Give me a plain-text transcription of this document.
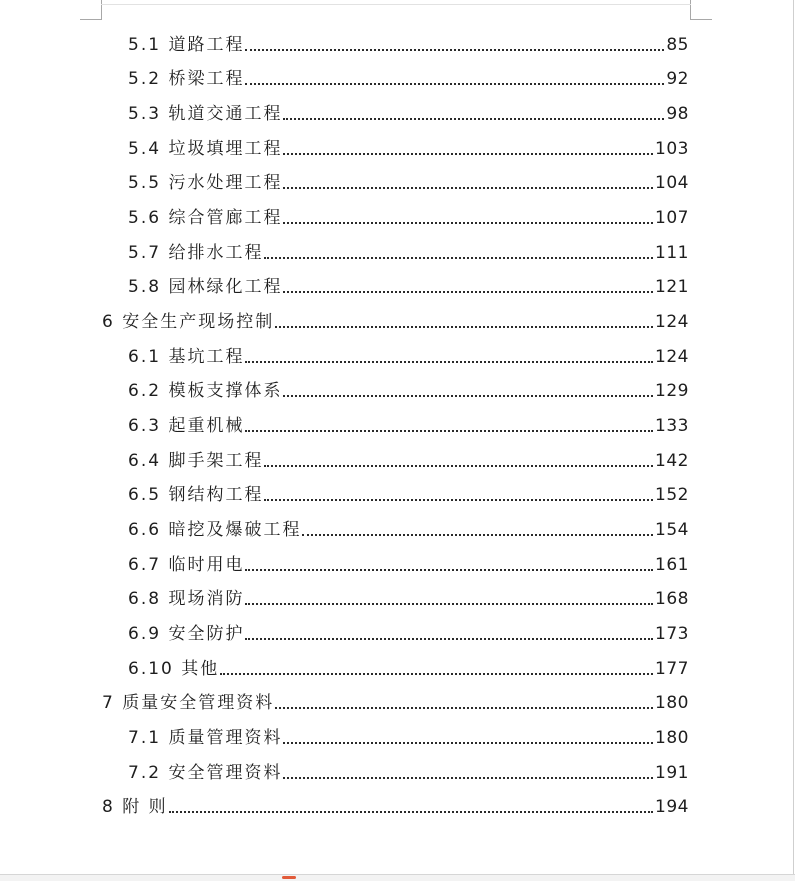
5.1 道路工程	85
5.2 桥梁工程	92
5.3 轨道交通工程	98
5.4 垃圾填埋工程	103
5.5 污水处理工程	104
5.6 综合管廊工程	107
5.7 给排水工程	111
5.8 园林绿化工程	121
6 安全生产现场控制	124
6.1 基坑工程	124
6.2 模板支撑体系	129
6.3 起重机械	133
6.4 脚手架工程	142
6.5 钢结构工程	152
6.6 暗挖及爆破工程	154
6.7 临时用电	161
6.8 现场消防	168
6.9 安全防护	173
6.10 其他	177
7 质量安全管理资料	180
7.1 质量管理资料	180
7.2 安全管理资料	191
8 附 则	194
